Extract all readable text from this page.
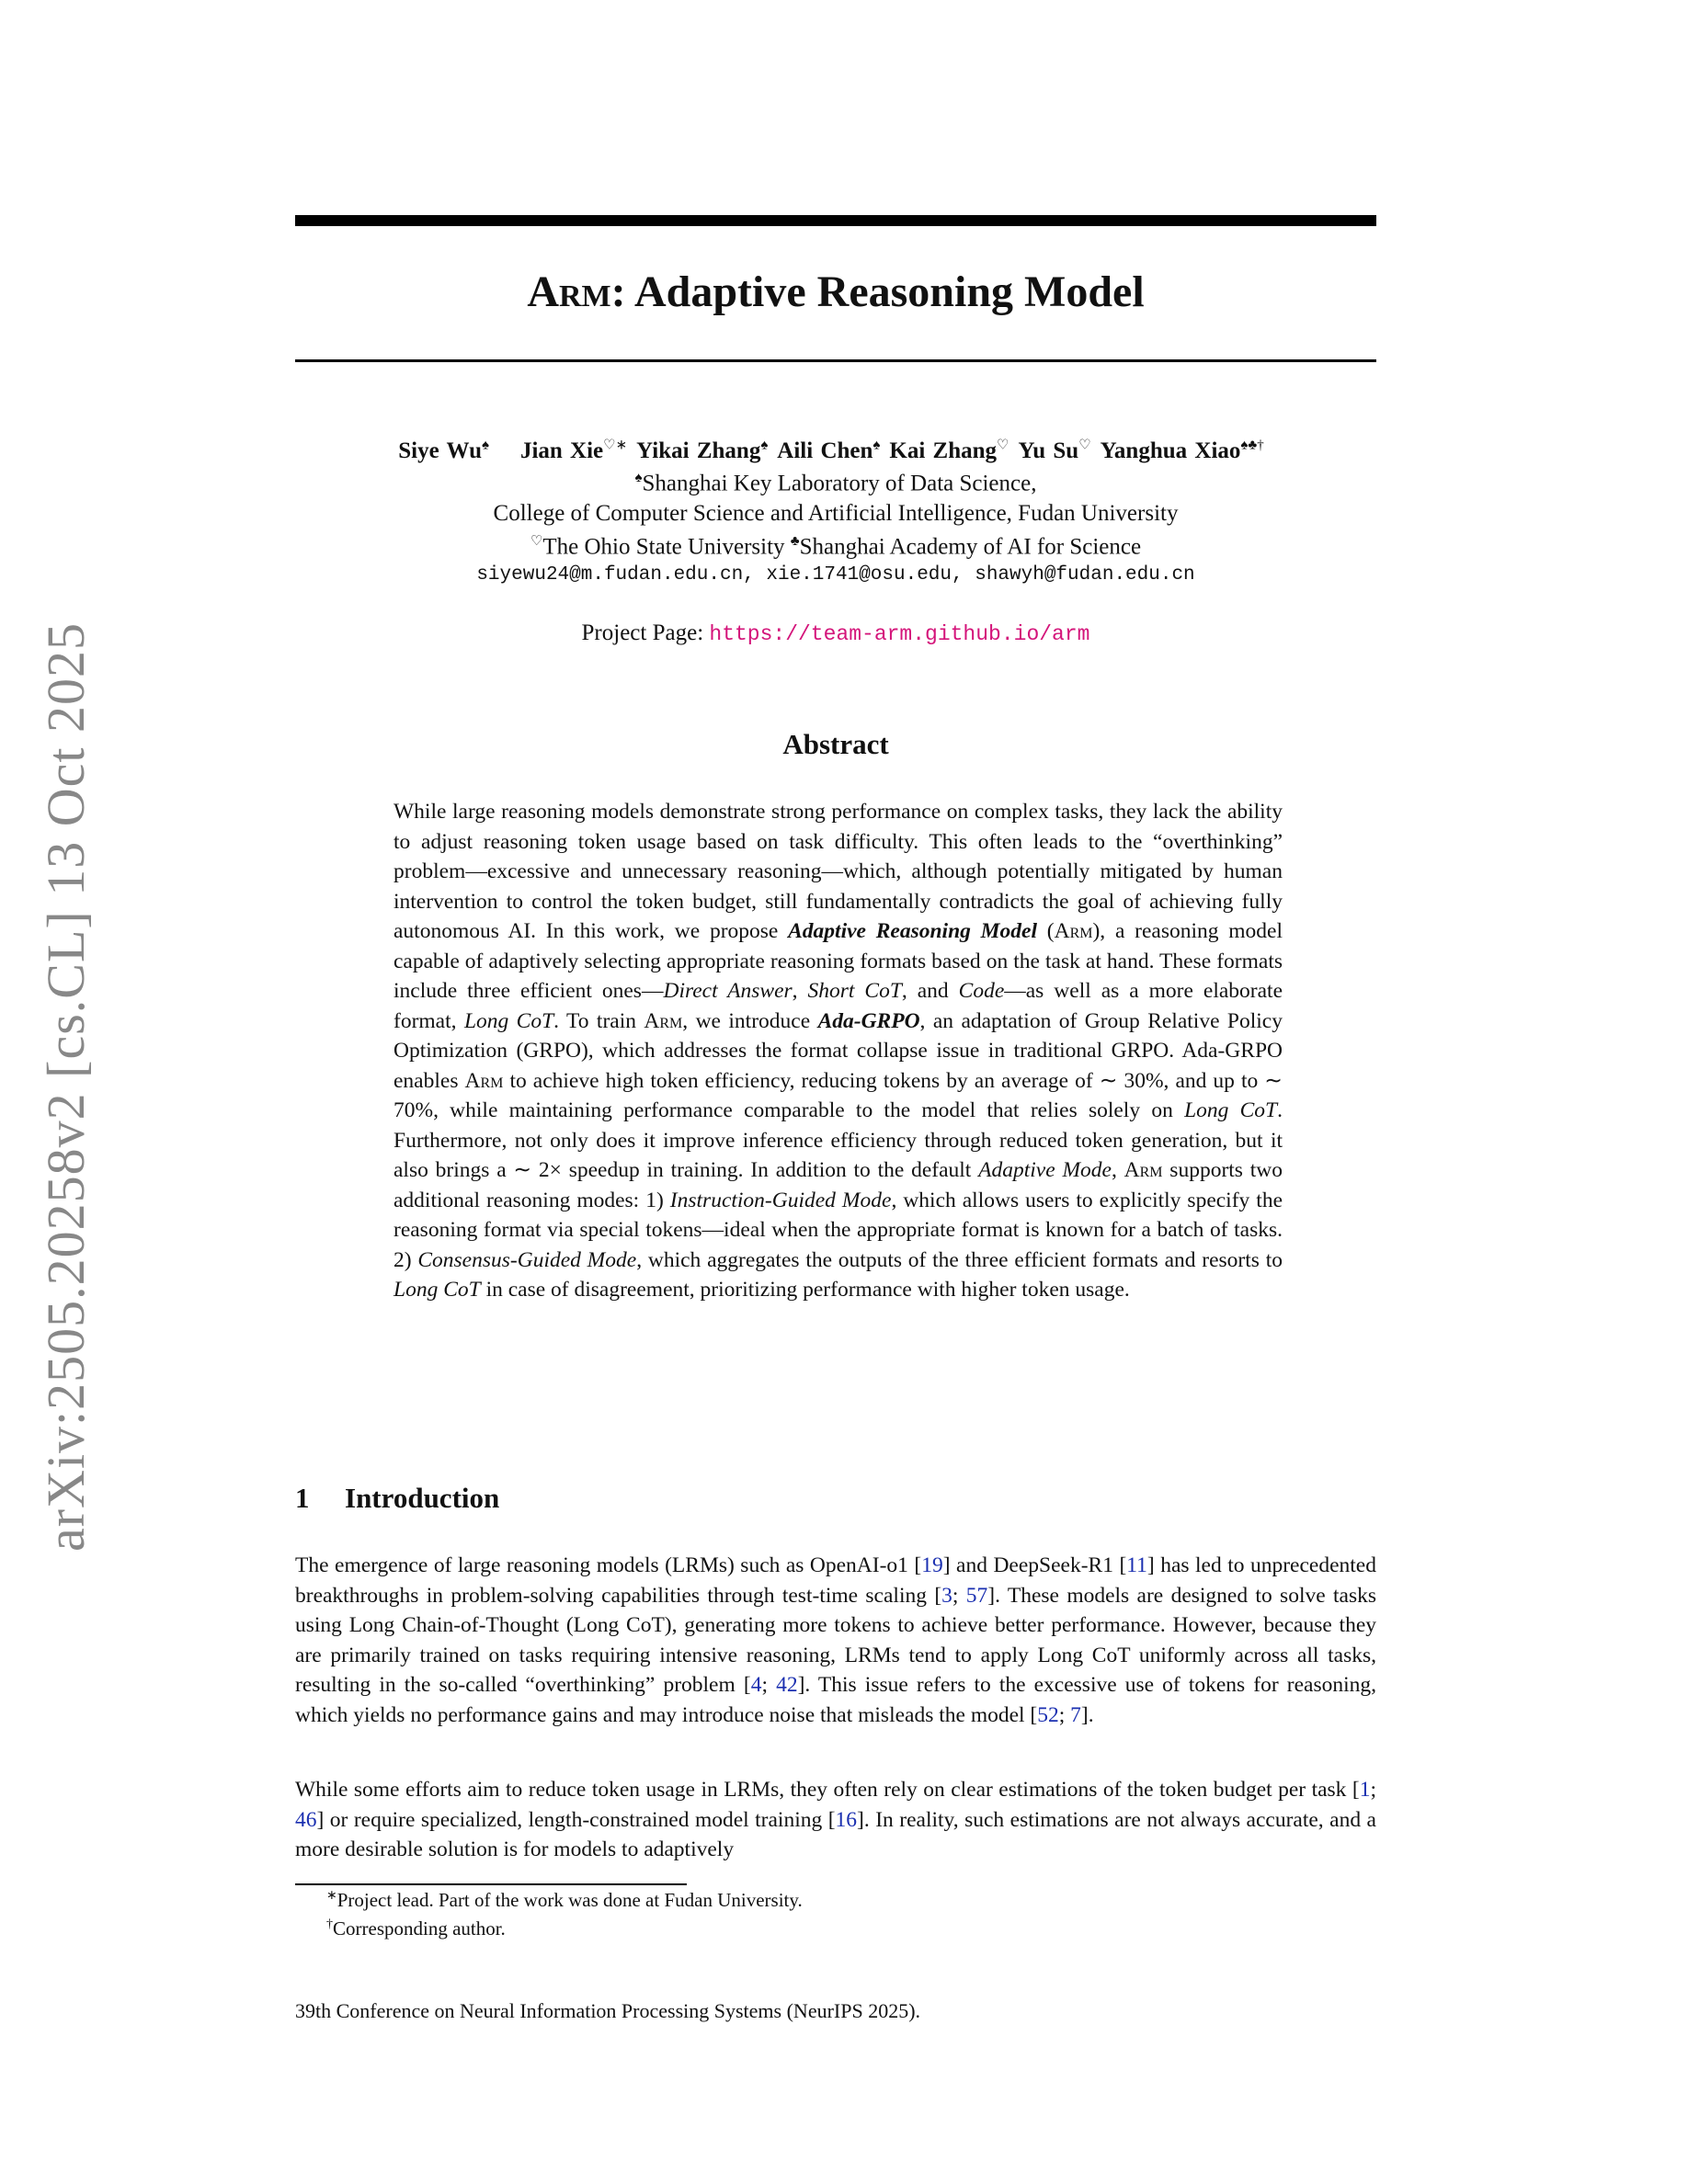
arXiv:2505.20258v2 [cs.CL] 13 Oct 2025
Arm: Adaptive Reasoning Model
Siye Wu♠ Jian Xie♡∗ Yikai Zhang♠ Aili Chen♠ Kai Zhang♡ Yu Su♡ Yanghua Xiao♠♣†
♠Shanghai Key Laboratory of Data Science,
College of Computer Science and Artificial Intelligence, Fudan University
♡The Ohio State University ♣Shanghai Academy of AI for Science
siyewu24@m.fudan.edu.cn, xie.1741@osu.edu, shawyh@fudan.edu.cn
Project Page: https://team-arm.github.io/arm
Abstract
While large reasoning models demonstrate strong performance on complex tasks, they lack the ability to adjust reasoning token usage based on task difficulty. This often leads to the “overthinking” problem—excessive and unnecessary reasoning—which, although potentially mitigated by human intervention to control the token budget, still fundamentally contradicts the goal of achieving fully autonomous AI. In this work, we propose Adaptive Reasoning Model (Arm), a reasoning model capable of adaptively selecting appropriate reasoning formats based on the task at hand. These formats include three efficient ones—Direct Answer, Short CoT, and Code—as well as a more elaborate format, Long CoT. To train Arm, we introduce Ada-GRPO, an adaptation of Group Relative Policy Optimization (GRPO), which addresses the format collapse issue in traditional GRPO. Ada-GRPO enables Arm to achieve high token efficiency, reducing tokens by an average of ∼ 30%, and up to ∼ 70%, while maintaining performance comparable to the model that relies solely on Long CoT. Furthermore, not only does it improve inference efficiency through reduced token generation, but it also brings a ∼ 2× speedup in training. In addition to the default Adaptive Mode, Arm supports two additional reasoning modes: 1) Instruction-Guided Mode, which allows users to explicitly specify the reasoning format via special tokens—ideal when the appropriate format is known for a batch of tasks. 2) Consensus-Guided Mode, which aggregates the outputs of the three efficient formats and resorts to Long CoT in case of disagreement, prioritizing performance with higher token usage.
1 Introduction
The emergence of large reasoning models (LRMs) such as OpenAI-o1 [19] and DeepSeek-R1 [11] has led to unprecedented breakthroughs in problem-solving capabilities through test-time scaling [3; 57]. These models are designed to solve tasks using Long Chain-of-Thought (Long CoT), generating more tokens to achieve better performance. However, because they are primarily trained on tasks requiring intensive reasoning, LRMs tend to apply Long CoT uniformly across all tasks, resulting in the so-called “overthinking” problem [4; 42]. This issue refers to the excessive use of tokens for reasoning, which yields no performance gains and may introduce noise that misleads the model [52; 7].
While some efforts aim to reduce token usage in LRMs, they often rely on clear estimations of the token budget per task [1; 46] or require specialized, length-constrained model training [16]. In reality, such estimations are not always accurate, and a more desirable solution is for models to adaptively
∗Project lead. Part of the work was done at Fudan University.
†Corresponding author.
39th Conference on Neural Information Processing Systems (NeurIPS 2025).
